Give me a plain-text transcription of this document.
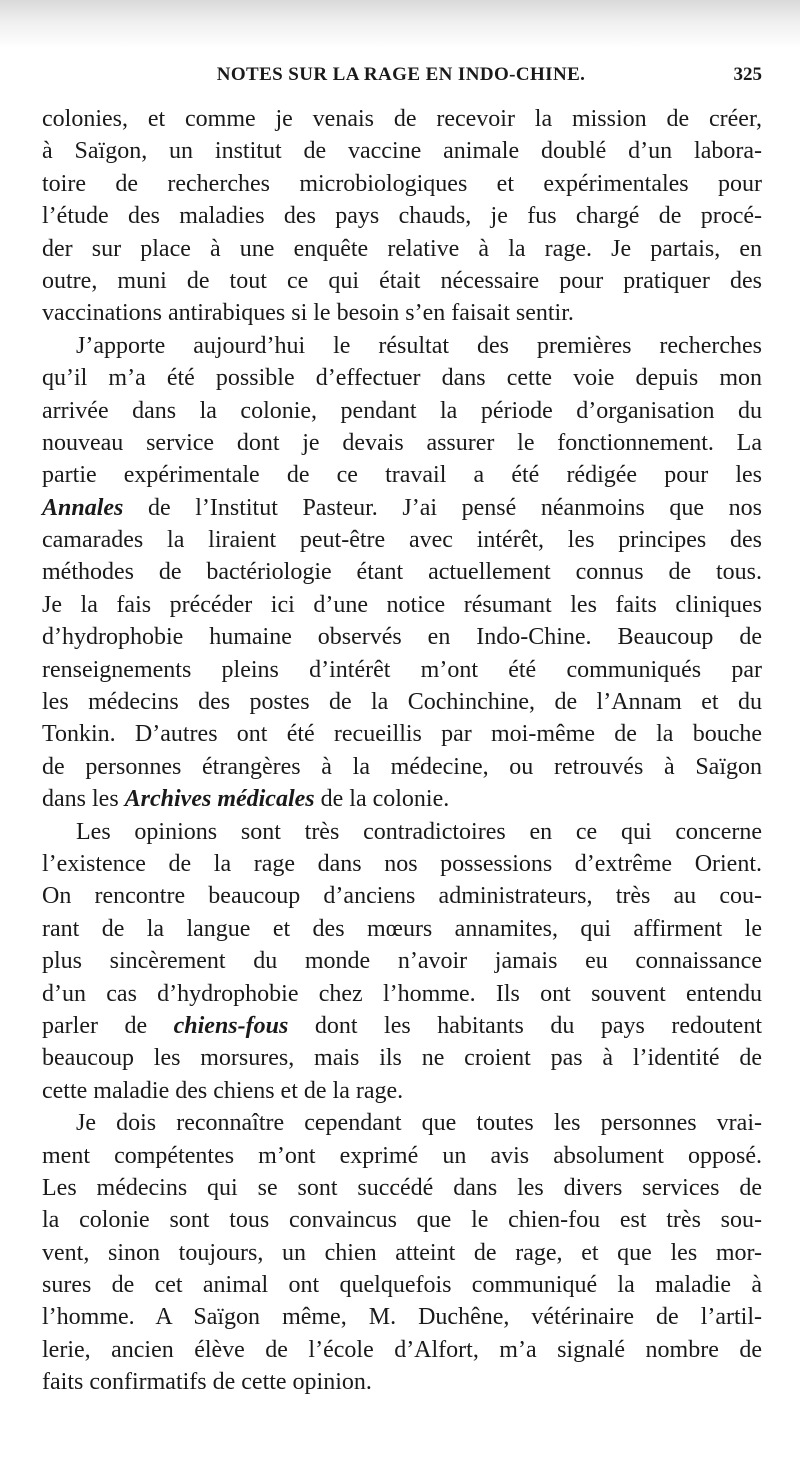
NOTES SUR LA RAGE EN INDO-CHINE.	325
colonies, et comme je venais de recevoir la mission de créer,
à Saïgon, un institut de vaccine animale doublé d’un labora-
toire de recherches microbiologiques et expérimentales pour
l’étude des maladies des pays chauds, je fus chargé de procé-
der sur place à une enquête relative à la rage. Je partais, en
outre, muni de tout ce qui était nécessaire pour pratiquer des
vaccinations antirabiques si le besoin s’en faisait sentir.
J’apporte aujourd’hui le résultat des premières recherches
qu’il m’a été possible d’effectuer dans cette voie depuis mon
arrivée dans la colonie, pendant la période d’organisation du
nouveau service dont je devais assurer le fonctionnement. La
partie expérimentale de ce travail a été rédigée pour les
Annales de l’Institut Pasteur. J’ai pensé néanmoins que nos
camarades la liraient peut-être avec intérêt, les principes des
méthodes de bactériologie étant actuellement connus de tous.
Je la fais précéder ici d’une notice résumant les faits cliniques
d’hydrophobie humaine observés en Indo-Chine. Beaucoup de
renseignements pleins d’intérêt m’ont été communiqués par
les médecins des postes de la Cochinchine, de l’Annam et du
Tonkin. D’autres ont été recueillis par moi-même de la bouche
de personnes étrangères à la médecine, ou retrouvés à Saïgon
dans les Archives médicales de la colonie.
Les opinions sont très contradictoires en ce qui concerne
l’existence de la rage dans nos possessions d’extrême Orient.
On rencontre beaucoup d’anciens administrateurs, très au cou-
rant de la langue et des mœurs annamites, qui affirment le
plus sincèrement du monde n’avoir jamais eu connaissance
d’un cas d’hydrophobie chez l’homme. Ils ont souvent entendu
parler de chiens-fous dont les habitants du pays redoutent
beaucoup les morsures, mais ils ne croient pas à l’identité de
cette maladie des chiens et de la rage.
Je dois reconnaître cependant que toutes les personnes vrai-
ment compétentes m’ont exprimé un avis absolument opposé.
Les médecins qui se sont succédé dans les divers services de
la colonie sont tous convaincus que le chien-fou est très sou-
vent, sinon toujours, un chien atteint de rage, et que les mor-
sures de cet animal ont quelquefois communiqué la maladie à
l’homme. A Saïgon même, M. Duchêne, vétérinaire de l’artil-
lerie, ancien élève de l’école d’Alfort, m’a signalé nombre de
faits confirmatifs de cette opinion.
